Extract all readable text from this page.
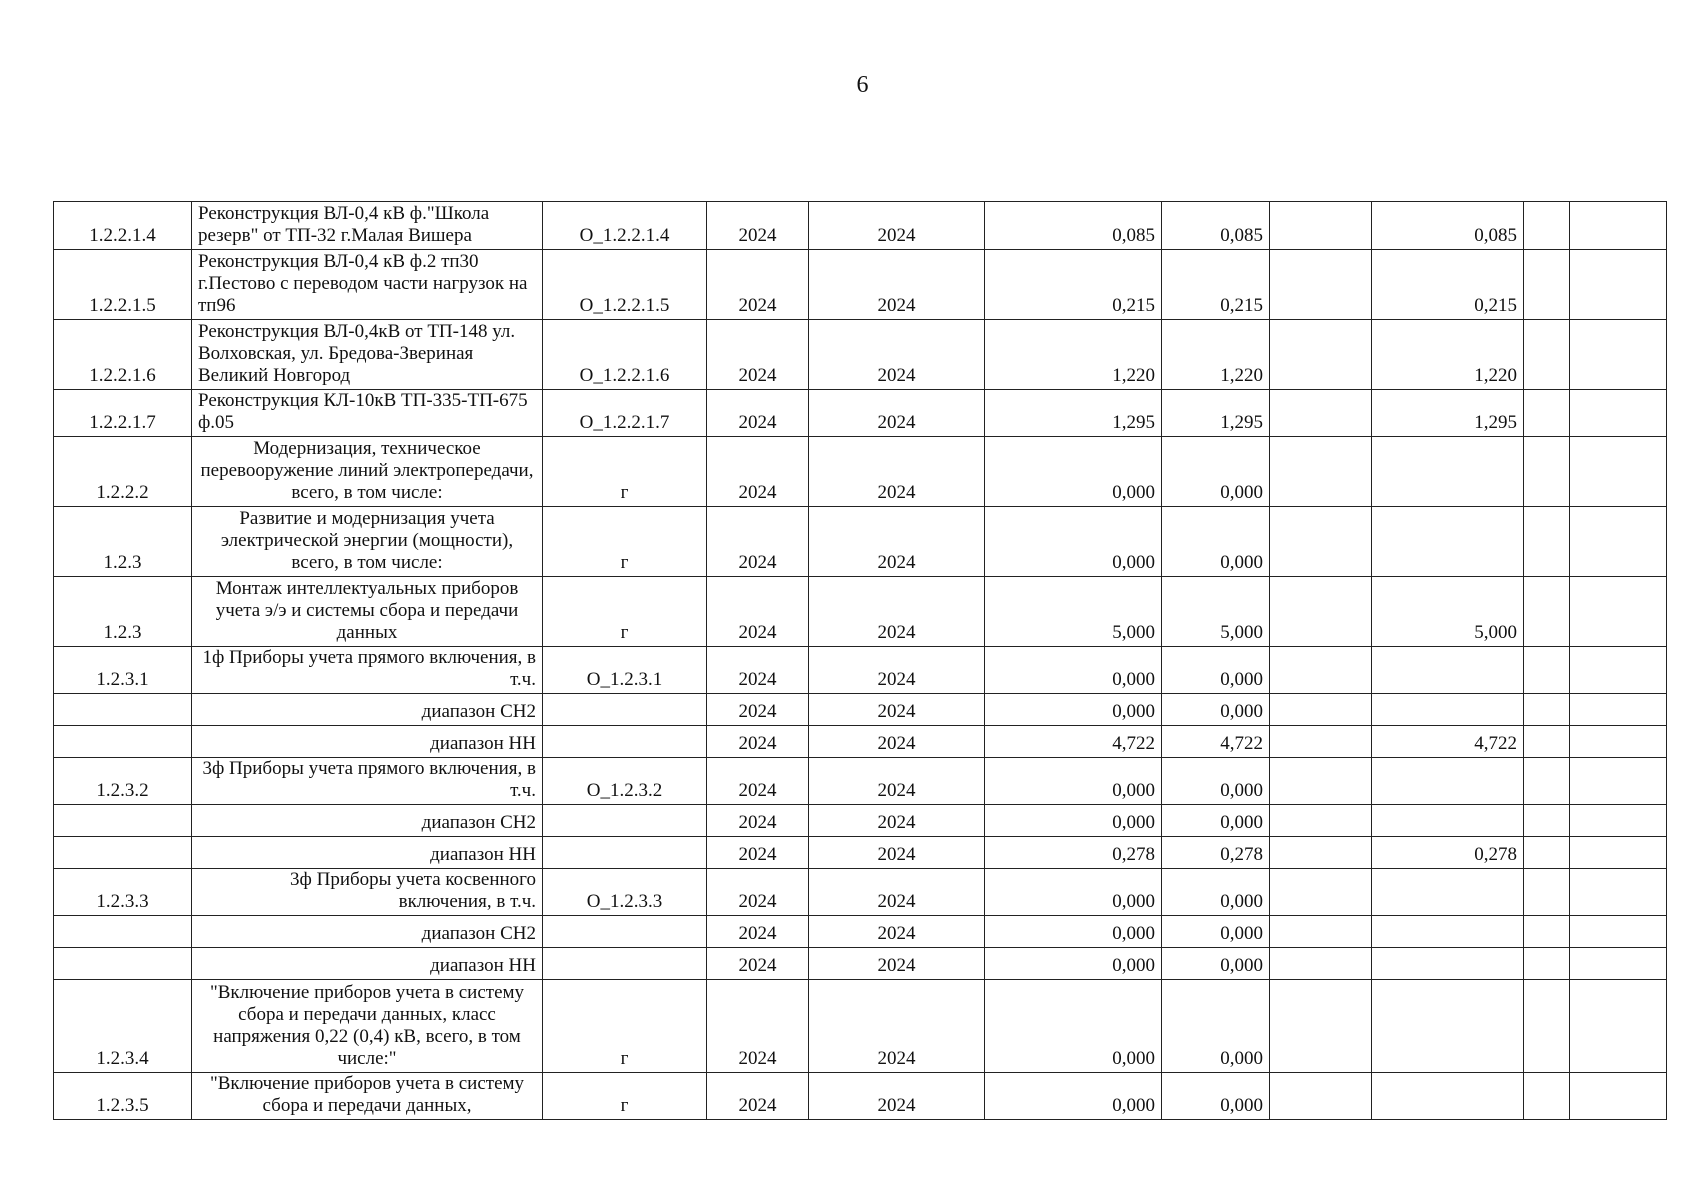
6
1.2.2.1.4	Реконструкция ВЛ-0,4 кВ ф."Школа резерв" от ТП-32 г.Малая Вишера	О_1.2.2.1.4	2024	2024	0,085	0,085		0,085		
1.2.2.1.5	Реконструкция ВЛ-0,4 кВ ф.2 тп30 г.Пестово с переводом части нагрузок на тп96	О_1.2.2.1.5	2024	2024	0,215	0,215		0,215		
1.2.2.1.6	Реконструкция ВЛ-0,4кВ от ТП-148 ул. Волховская, ул. Бредова-Звериная Великий Новгород	О_1.2.2.1.6	2024	2024	1,220	1,220		1,220		
1.2.2.1.7	Реконструкция КЛ-10кВ ТП-335-ТП-675 ф.05	О_1.2.2.1.7	2024	2024	1,295	1,295		1,295		
1.2.2.2	Модернизация, техническое перевооружение линий электропередачи, всего, в том числе:	г	2024	2024	0,000	0,000				
1.2.3	Развитие и модернизация учета электрической энергии (мощности), всего, в том числе:	г	2024	2024	0,000	0,000				
1.2.3	Монтаж интеллектуальных приборов учета э/э и системы сбора и передачи данных	г	2024	2024	5,000	5,000		5,000		
1.2.3.1	1ф Приборы учета прямого включения, в т.ч.	О_1.2.3.1	2024	2024	0,000	0,000				
	диапазон СН2		2024	2024	0,000	0,000				
	диапазон НН		2024	2024	4,722	4,722		4,722		
1.2.3.2	3ф Приборы учета прямого включения, в т.ч.	О_1.2.3.2	2024	2024	0,000	0,000				
	диапазон СН2		2024	2024	0,000	0,000				
	диапазон НН		2024	2024	0,278	0,278		0,278		
1.2.3.3	3ф Приборы учета косвенного включения, в т.ч.	О_1.2.3.3	2024	2024	0,000	0,000				
	диапазон СН2		2024	2024	0,000	0,000				
	диапазон НН		2024	2024	0,000	0,000				
1.2.3.4	"Включение приборов учета в систему сбора и передачи данных, класс напряжения 0,22 (0,4) кВ, всего, в том числе:"	г	2024	2024	0,000	0,000				
1.2.3.5	"Включение приборов учета в систему сбора и передачи данных,	г	2024	2024	0,000	0,000				
